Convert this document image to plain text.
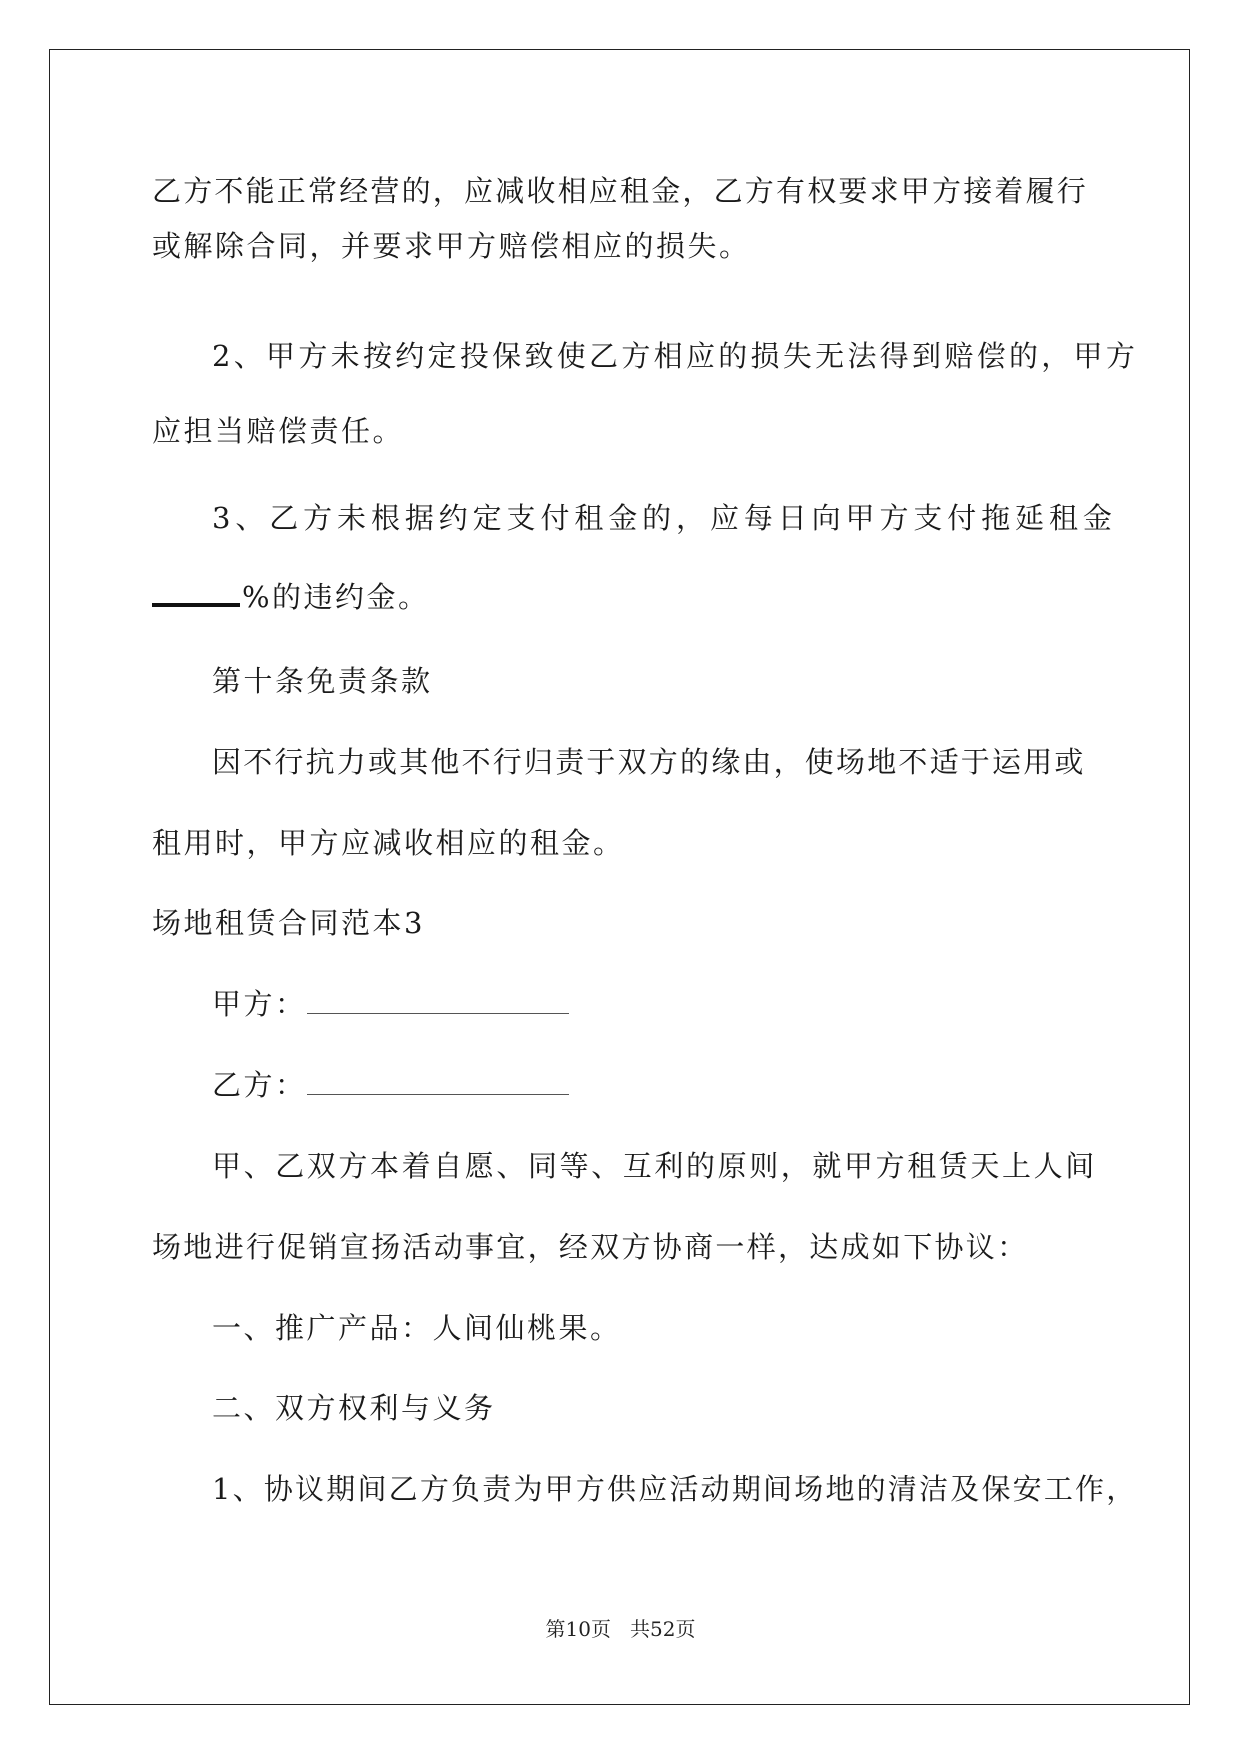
乙方不能正常经营的，应减收相应租金，乙方有权要求甲方接着履行
或解除合同，并要求甲方赔偿相应的损失。
2、甲方未按约定投保致使乙方相应的损失无法得到赔偿的，甲方
应担当赔偿责任。
3、乙方未根据约定支付租金的，应每日向甲方支付拖延租金
%的违约金。
第十条免责条款
因不行抗力或其他不行归责于双方的缘由，使场地不适于运用或
租用时，甲方应减收相应的租金。
场地租赁合同范本3
甲方：
乙方：
甲、乙双方本着自愿、同等、互利的原则，就甲方租赁天上人间
场地进行促销宣扬活动事宜，经双方协商一样，达成如下协议：
一、推广产品：人间仙桃果。
二、双方权利与义务
1、协议期间乙方负责为甲方供应活动期间场地的清洁及保安工作，
第10页   共52页
